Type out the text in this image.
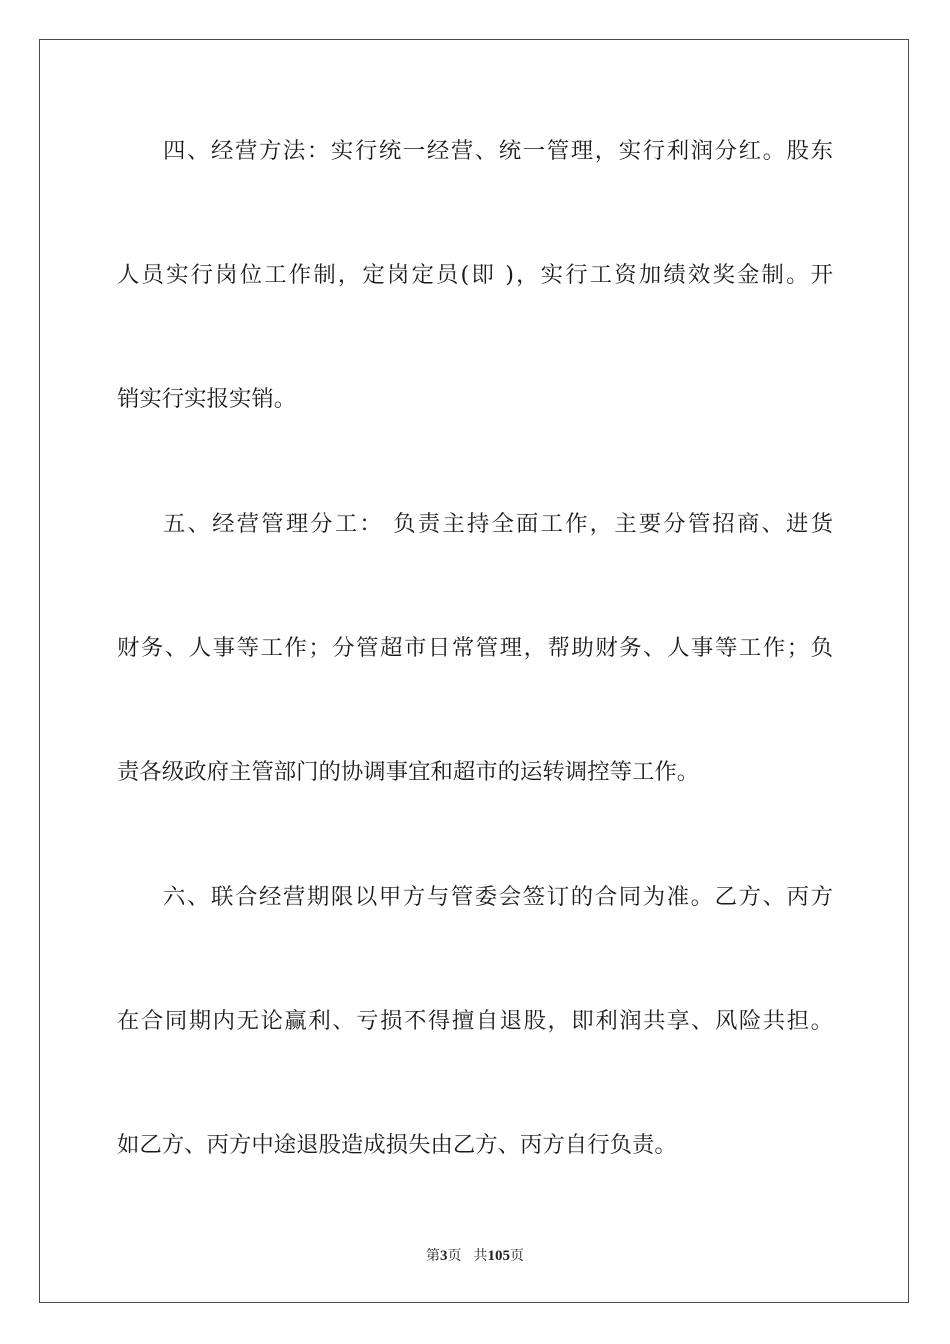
四、经营方法：实行统一经营、统一管理，实行利润分红。股东
人员实行岗位工作制，定岗定员(即 )，实行工资加绩效奖金制。开
销实行实报实销。
五、经营管理分工： 负责主持全面工作，主要分管招商、进货
财务、人事等工作；分管超市日常管理，帮助财务、人事等工作；负
责各级政府主管部门的协调事宜和超市的运转调控等工作。
六、联合经营期限以甲方与管委会签订的合同为准。乙方、丙方
在合同期内无论赢利、亏损不得擅自退股，即利润共享、风险共担。
如乙方、丙方中途退股造成损失由乙方、丙方自行负责。
第3页 共105页
